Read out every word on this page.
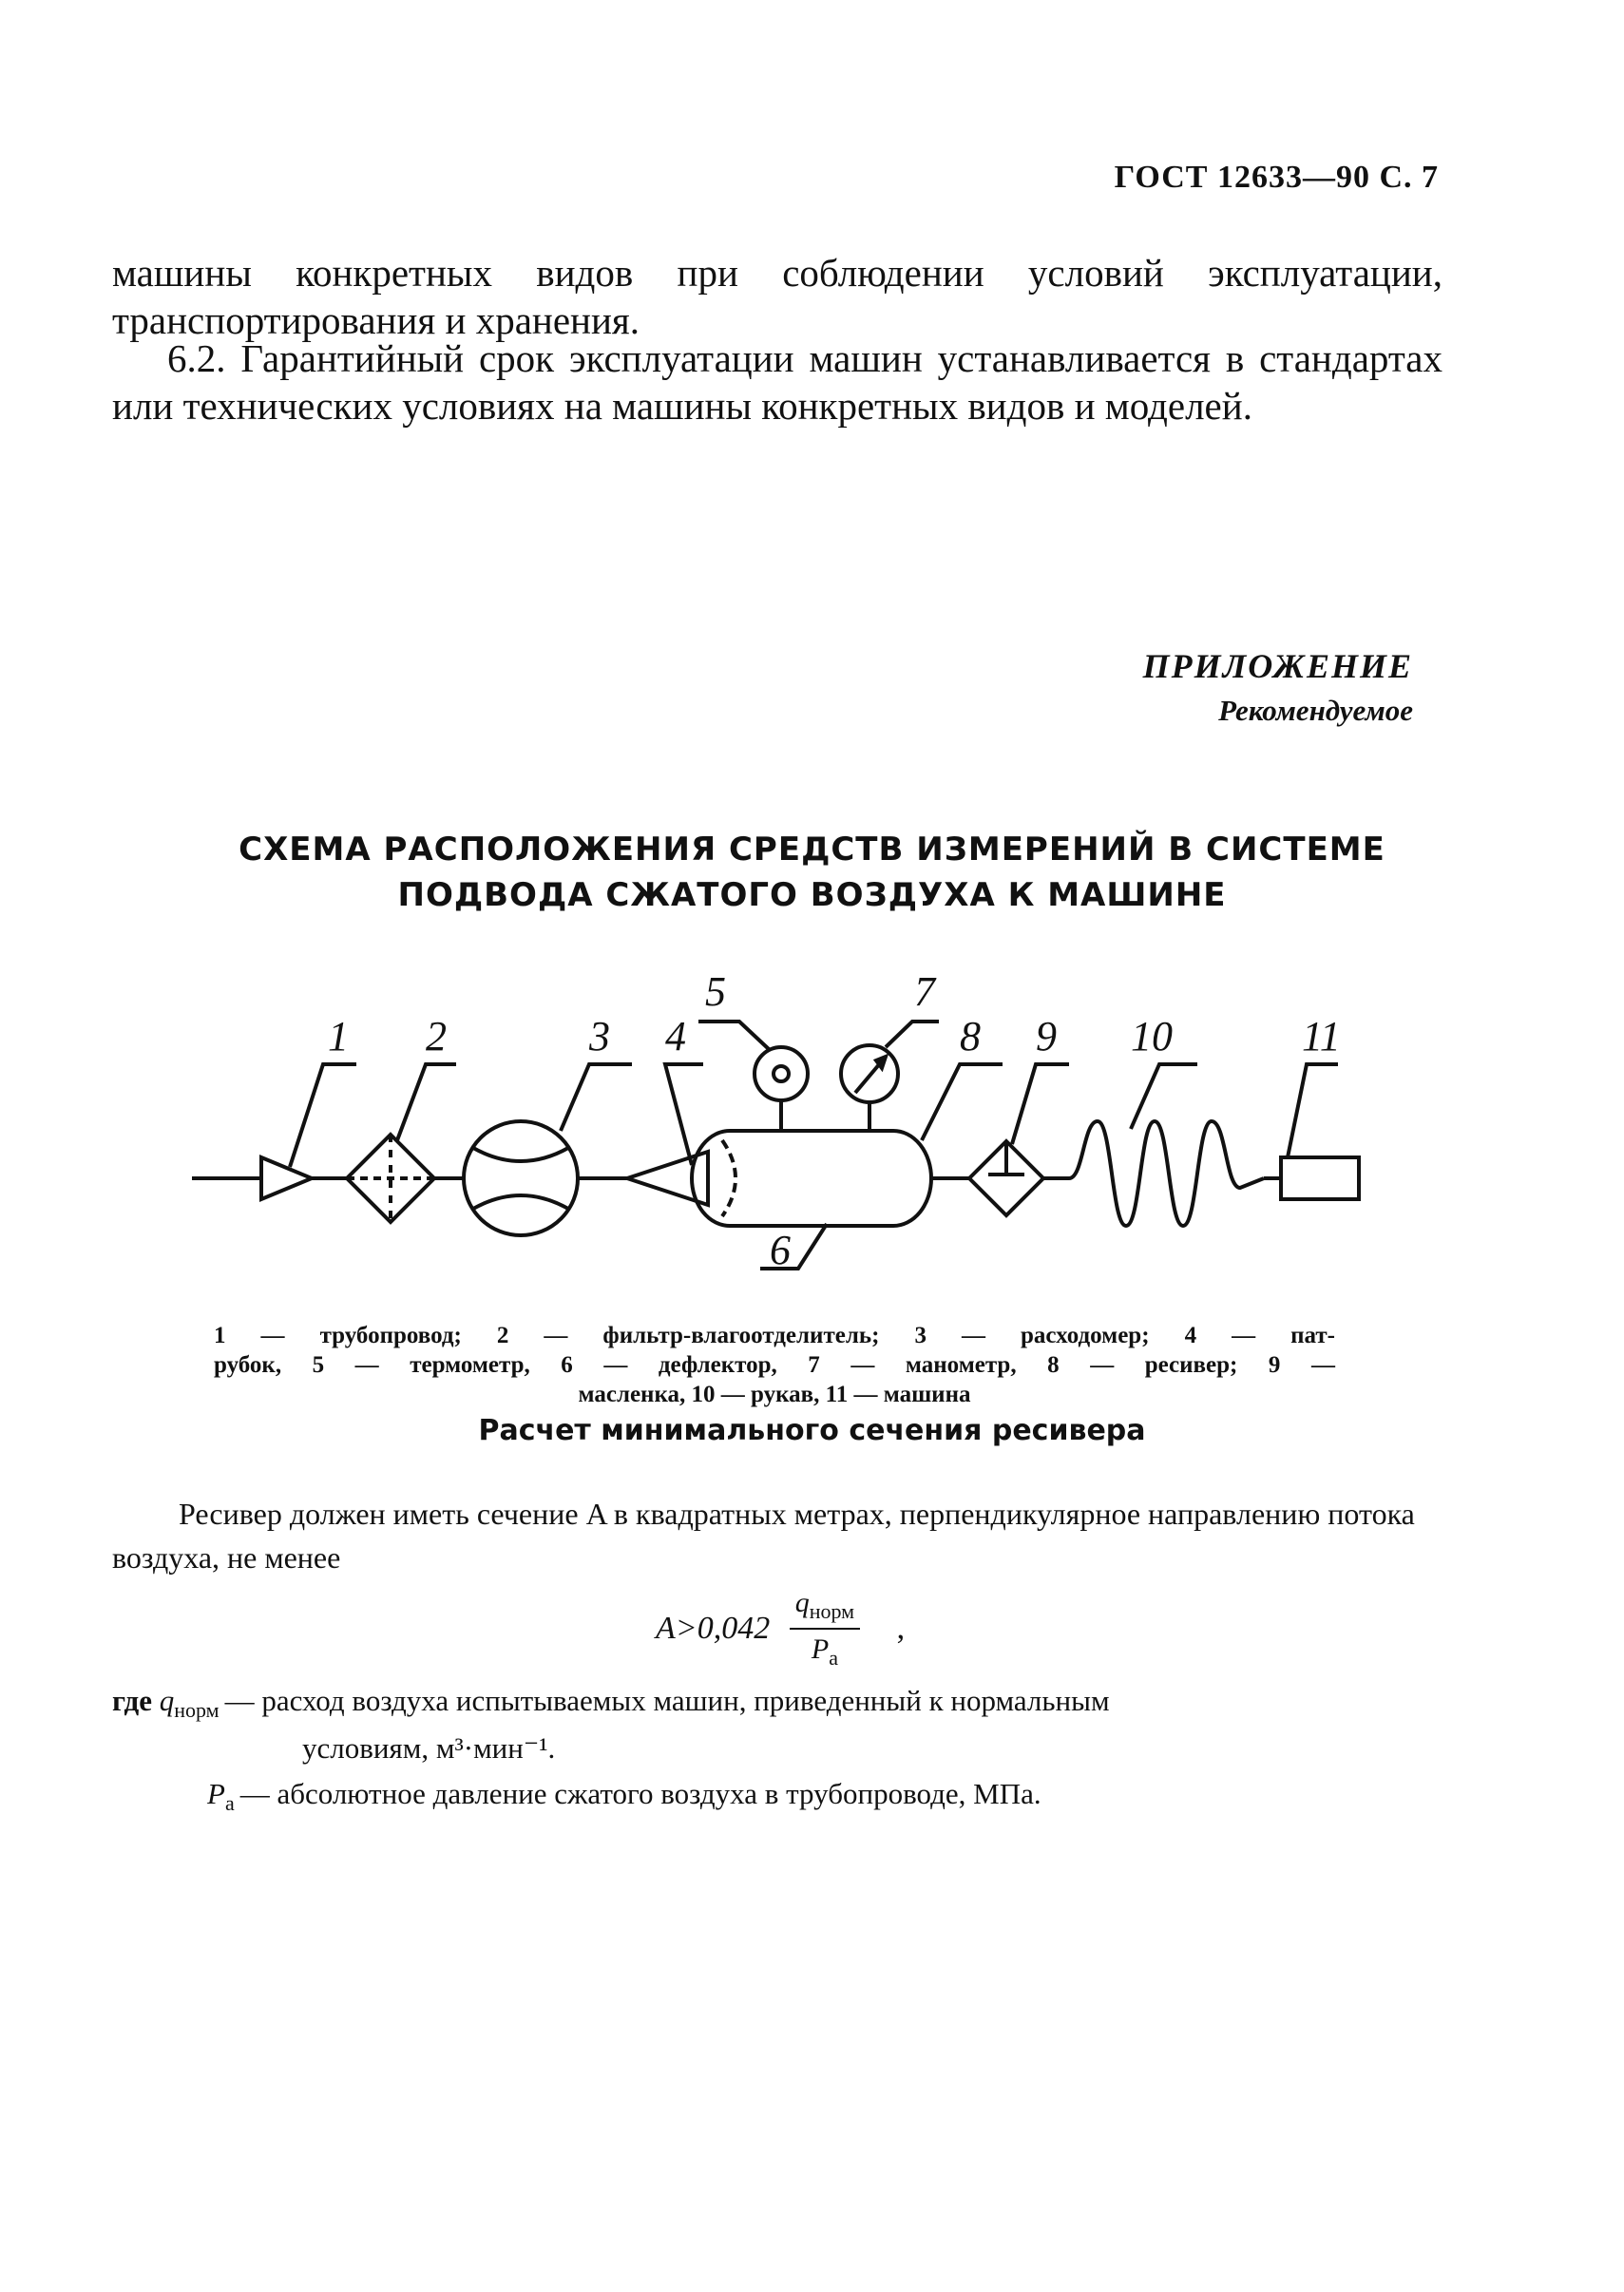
ГОСТ 12633—90 С. 7
машины конкретных видов при соблюдении условий эксплуатации, транспортирования и хранения.
6.2. Гарантийный срок эксплуатации машин устанавливается в стандартах или технических условиях на машины конкретных видов и моделей.
ПРИЛОЖЕНИЕ
Рекомендуемое
СХЕМА РАСПОЛОЖЕНИЯ СРЕДСТВ ИЗМЕРЕНИЙ В СИСТЕМЕ
ПОДВОДА СЖАТОГО ВОЗДУХА К МАШИНЕ
1 2	3 4
5
6
7
8 9 10	11
1 — трубопровод; 2 — фильтр-влагоотделитель; 3 — расходомер; 4 — пат-
рубок, 5 — термометр, 6 — дефлектор, 7 — манометр, 8 — ресивер; 9 —
масленка, 10 — рукав, 11 — машина
Расчет минимального сечения ресивера
Ресивер должен иметь сечение A в квадратных метрах, перпендикулярное направлению потока воздуха, не менее
$A>0,042 \frac{q_{норм}}{P_a}$ ,
где $q_{норм}$ — расход воздуха испытываемых машин, приведенный к нормальным
условиям, м³·мин⁻¹.
$P_a$ — абсолютное давление сжатого воздуха в трубопроводе, МПа.
